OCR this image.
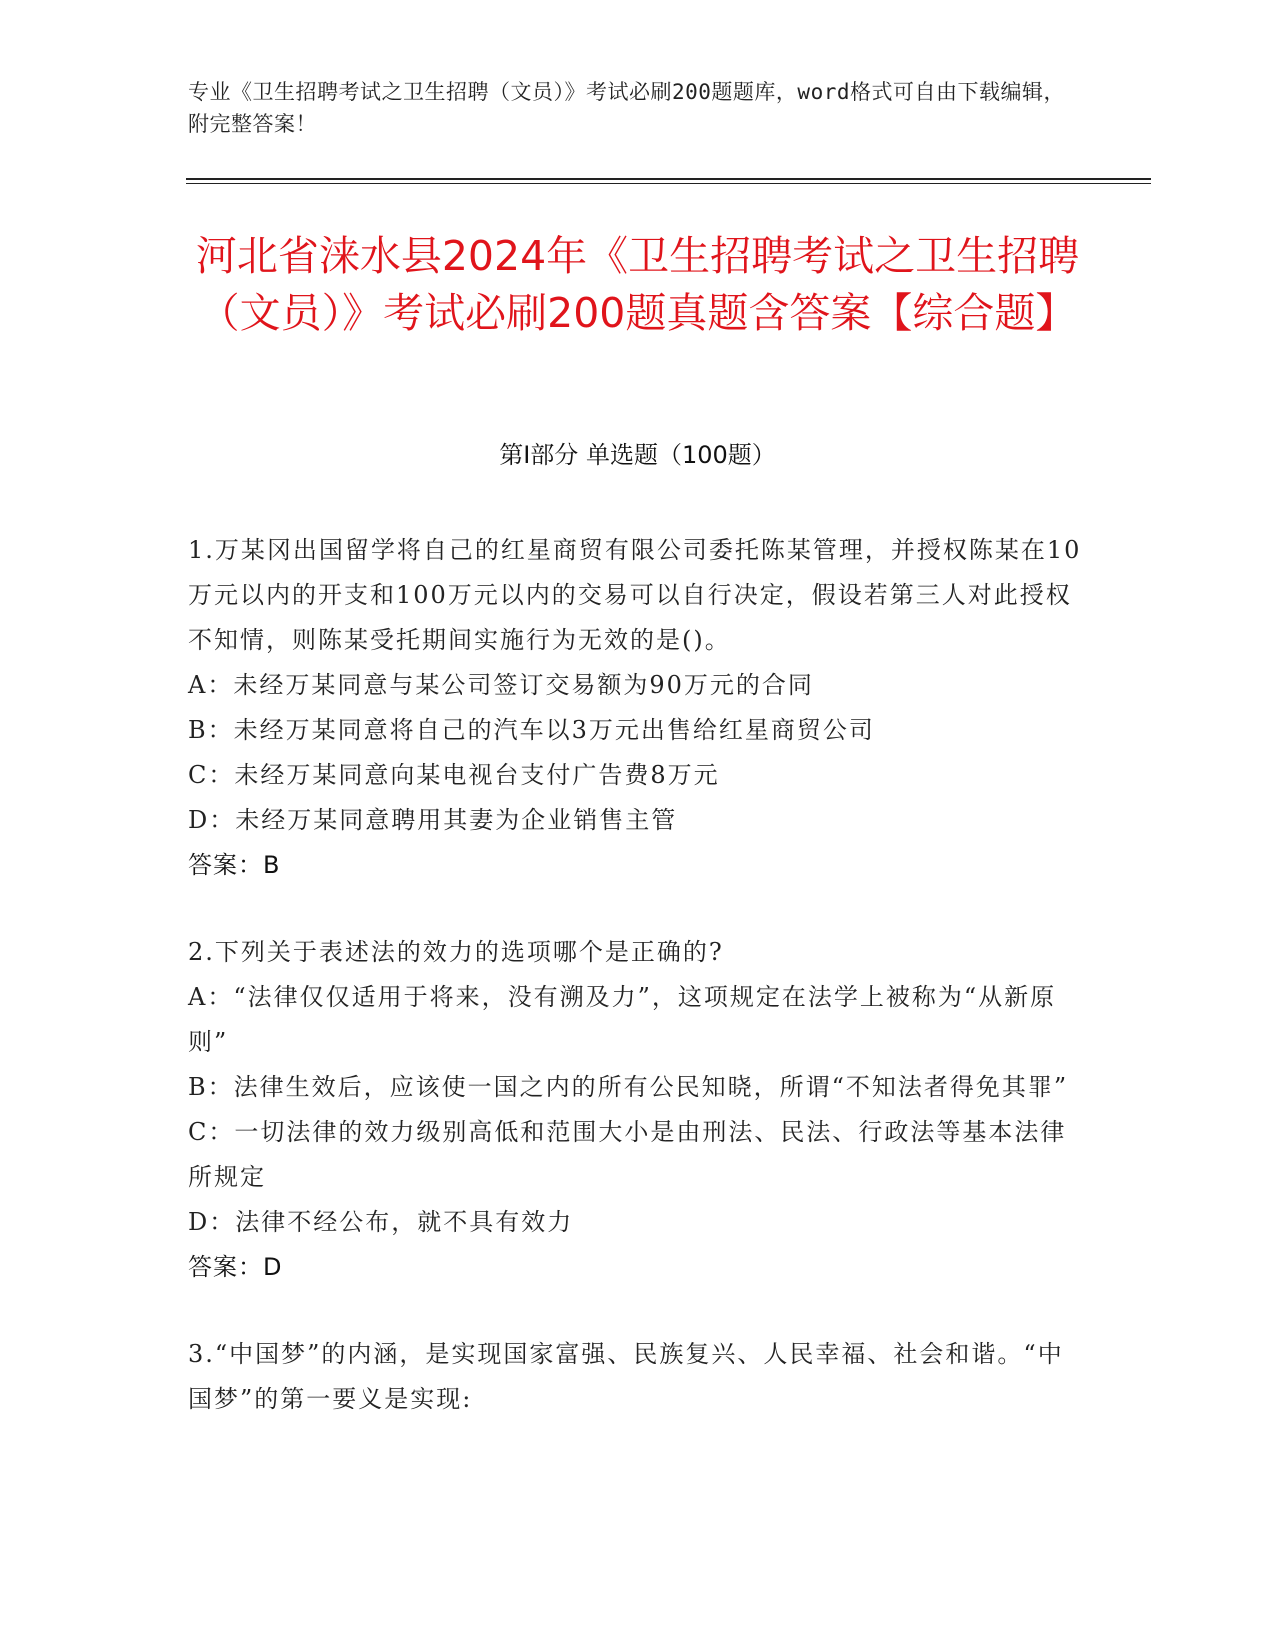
专业《卫生招聘考试之卫生招聘（文员）》考试必刷200题题库，word格式可自由下载编辑，附完整答案！
河北省涞水县2024年《卫生招聘考试之卫生招聘（文员）》考试必刷200题真题含答案【综合题】
第I部分 单选题（100题）
1.万某冈出国留学将自己的红星商贸有限公司委托陈某管理，并授权陈某在10万元以内的开支和100万元以内的交易可以自行决定，假设若第三人对此授权不知情，则陈某受托期间实施行为无效的是()。
A：未经万某同意与某公司签订交易额为90万元的合同
B：未经万某同意将自己的汽车以3万元出售给红星商贸公司
C：未经万某同意向某电视台支付广告费8万元
D：未经万某同意聘用其妻为企业销售主管
答案：B
2.下列关于表述法的效力的选项哪个是正确的?
A：“法律仅仅适用于将来，没有溯及力”，这项规定在法学上被称为“从新原则”
B：法律生效后，应该使一国之内的所有公民知晓，所谓“不知法者得免其罪”
C：一切法律的效力级别高低和范围大小是由刑法、民法、行政法等基本法律所规定
D：法律不经公布，就不具有效力
答案：D
3.“中国梦”的内涵，是实现国家富强、民族复兴、人民幸福、社会和谐。“中国梦”的第一要义是实现:
